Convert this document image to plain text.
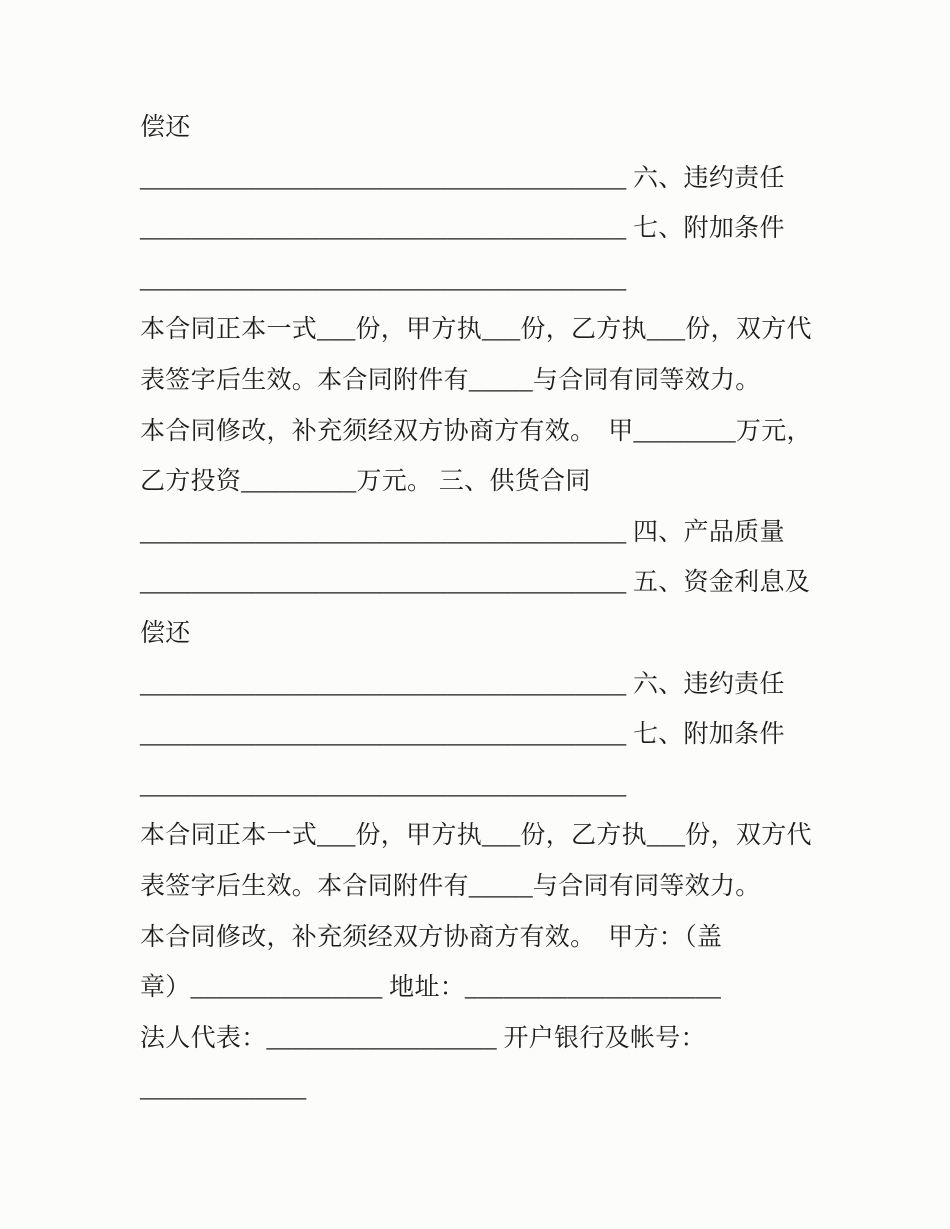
偿还
______________________________________ 六、违约责任
______________________________________ 七、附加条件
______________________________________
本合同正本一式___份，甲方执___份，乙方执___份，双方代
表签字后生效。本合同附件有_____与合同有同等效力。
本合同修改，补充须经双方协商方有效。　甲________万元，
乙方投资_________万元。 三、供货合同
______________________________________ 四、产品质量
______________________________________ 五、资金利息及
偿还
______________________________________ 六、违约责任
______________________________________ 七、附加条件
______________________________________
本合同正本一式___份，甲方执___份，乙方执___份，双方代
表签字后生效。本合同附件有_____与合同有同等效力。
本合同修改，补充须经双方协商方有效。　甲方：（盖
章）_______________ 地址：____________________
法人代表：__________________ 开户银行及帐号：
_____________
